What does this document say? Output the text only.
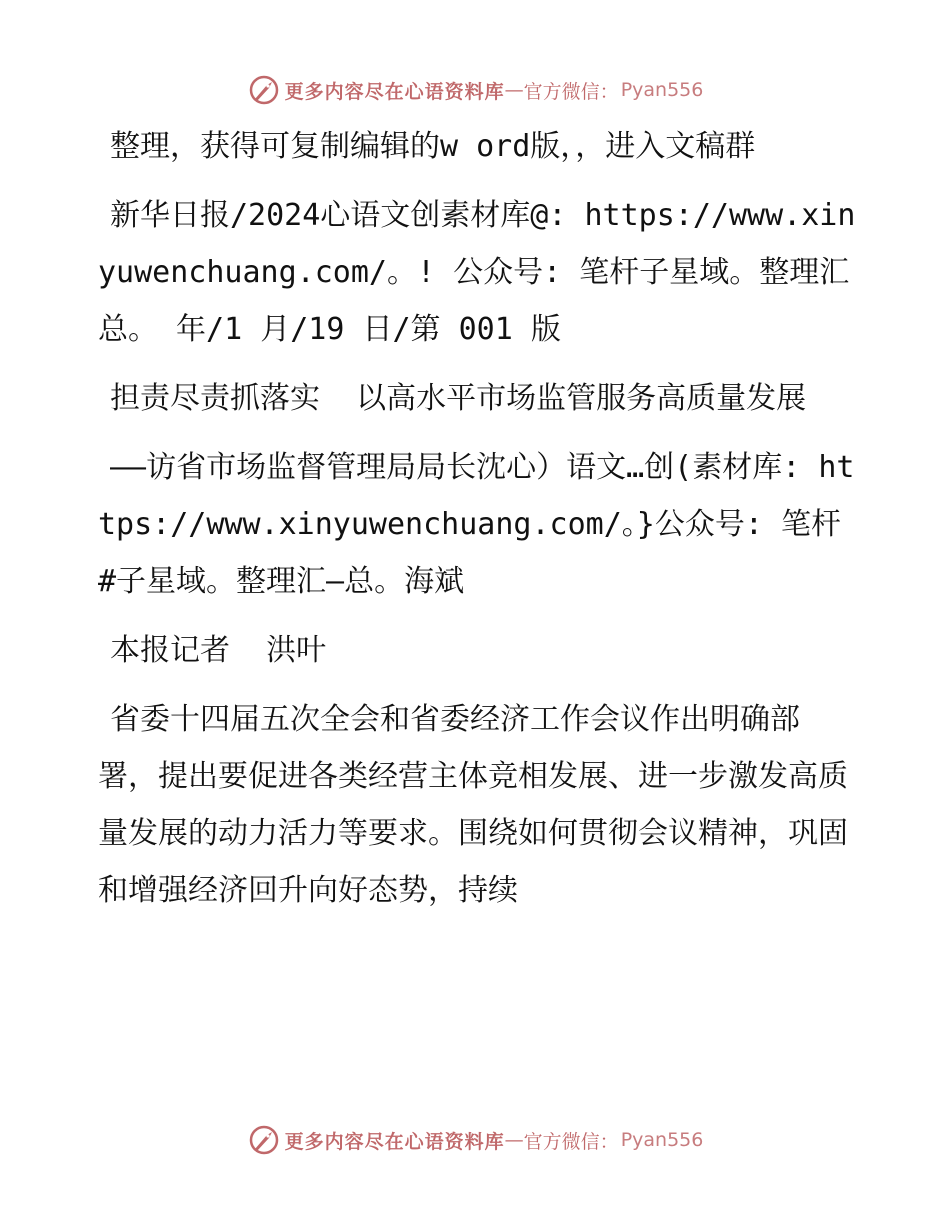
更多内容尽在心语资料库 — 官方微信： Pyan556

整理，获得可复制编辑的w ord版，，进入文稿群

新华日报/2024心语文创素材库@: https://www.xinyuwenchuang.com/。! 公众号: 笔杆子星域。整理汇总。 年/1 月/19 日/第 001 版

担责尽责抓落实  以高水平市场监管服务高质量发展

——访省市场监督管理局局长沈心）语文…创(素材库: https://www.xinyuwenchuang.com/。}公众号: 笔杆#子星域。整理汇—总。海斌

本报记者  洪叶

省委十四届五次全会和省委经济工作会议作出明确部署，提出要促进各类经营主体竞相发展、进一步激发高质量发展的动力活力等要求。围绕如何贯彻会议精神，巩固和增强经济回升向好态势，持续

更多内容尽在心语资料库 — 官方微信： Pyan556
